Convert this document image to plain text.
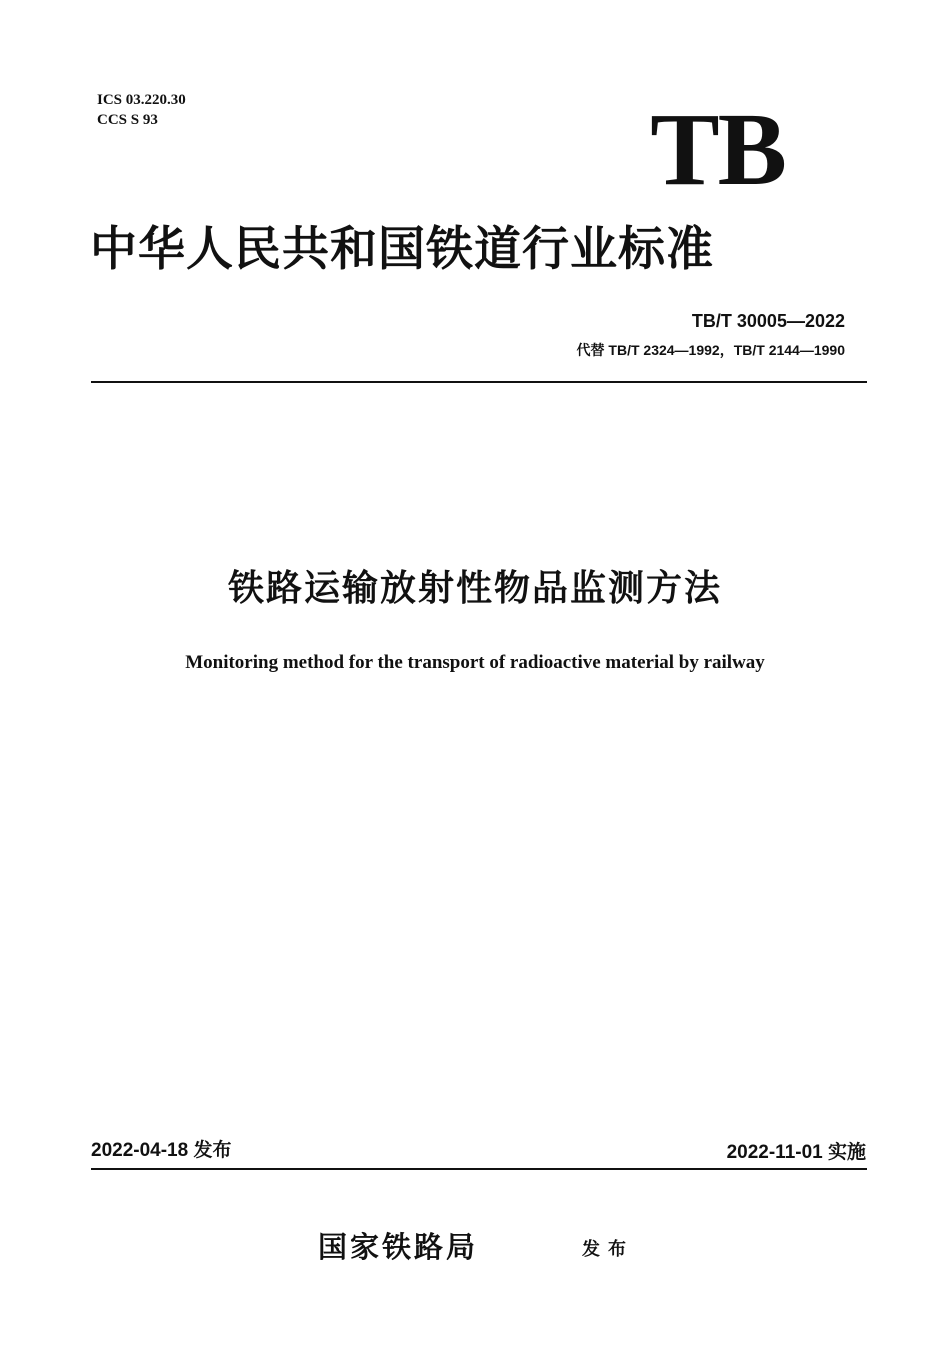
ICS 03.220.30
CCS S 93	TB
中华人民共和国铁道行业标准
TB/T 30005—2022
代替 TB/T 2324—1992，TB/T 2144—1990
铁路运输放射性物品监测方法
Monitoring method for the transport of radioactive material by railway
2022-04-18 发布	2022-11-01 实施
国家铁路局	发布
